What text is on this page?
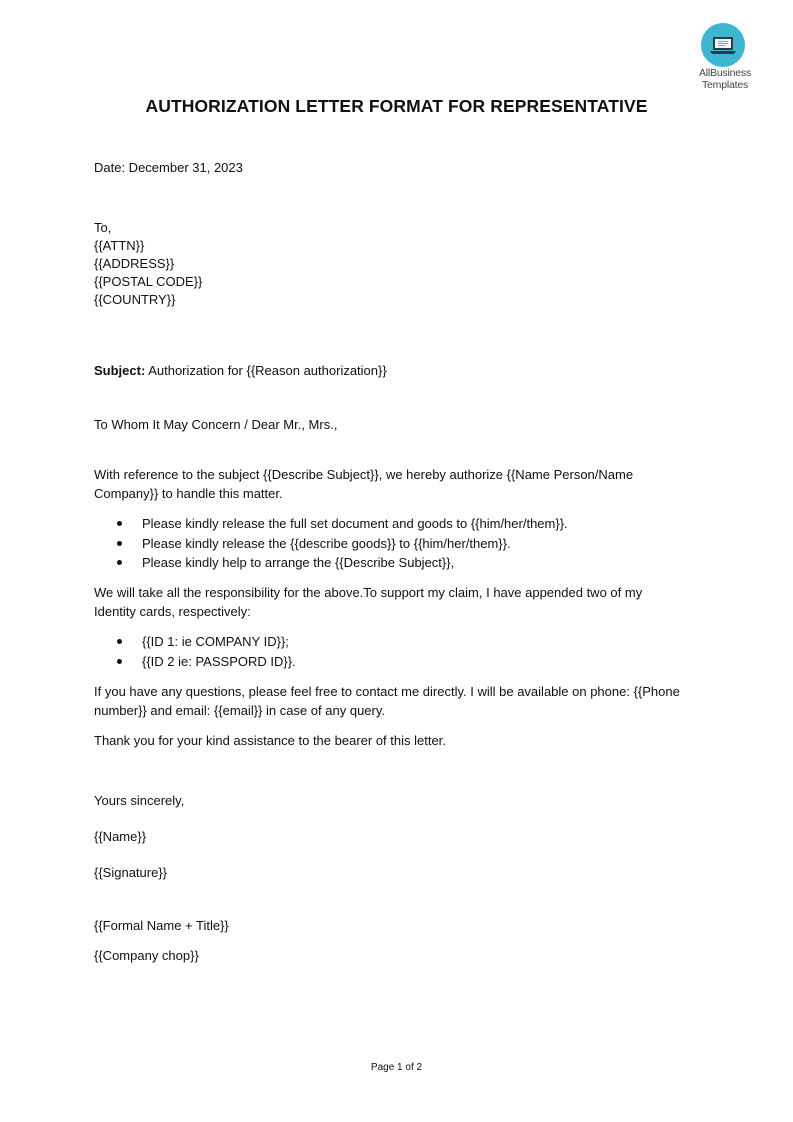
AllBusiness
Templates
AUTHORIZATION LETTER FORMAT FOR REPRESENTATIVE
Date: December 31, 2023
To,
{{ATTN}}
{{ADDRESS}}
{{POSTAL CODE}}
{{COUNTRY}}
Subject: Authorization for {{Reason authorization}}
To Whom It May Concern / Dear Mr., Mrs.,
With reference to the subject {{Describe Subject}}, we hereby authorize {{Name Person/Name
Company}} to handle this matter.
Please kindly release the full set document and goods to {{him/her/them}}.
Please kindly release the {{describe goods}} to {{him/her/them}}.
Please kindly help to arrange the {{Describe Subject}},
We will take all the responsibility for the above.To support my claim, I have appended two of my
Identity cards, respectively:
{{ID 1: ie COMPANY ID}};
{{ID 2 ie: PASSPORD ID}}.
If you have any questions, please feel free to contact me directly. I will be available on phone: {{Phone
number}} and email: {{email}} in case of any query.
Thank you for your kind assistance to the bearer of this letter.
Yours sincerely,
{{Name}}
{{Signature}}
{{Formal Name + Title}}
{{Company chop}}
Page 1 of 2
